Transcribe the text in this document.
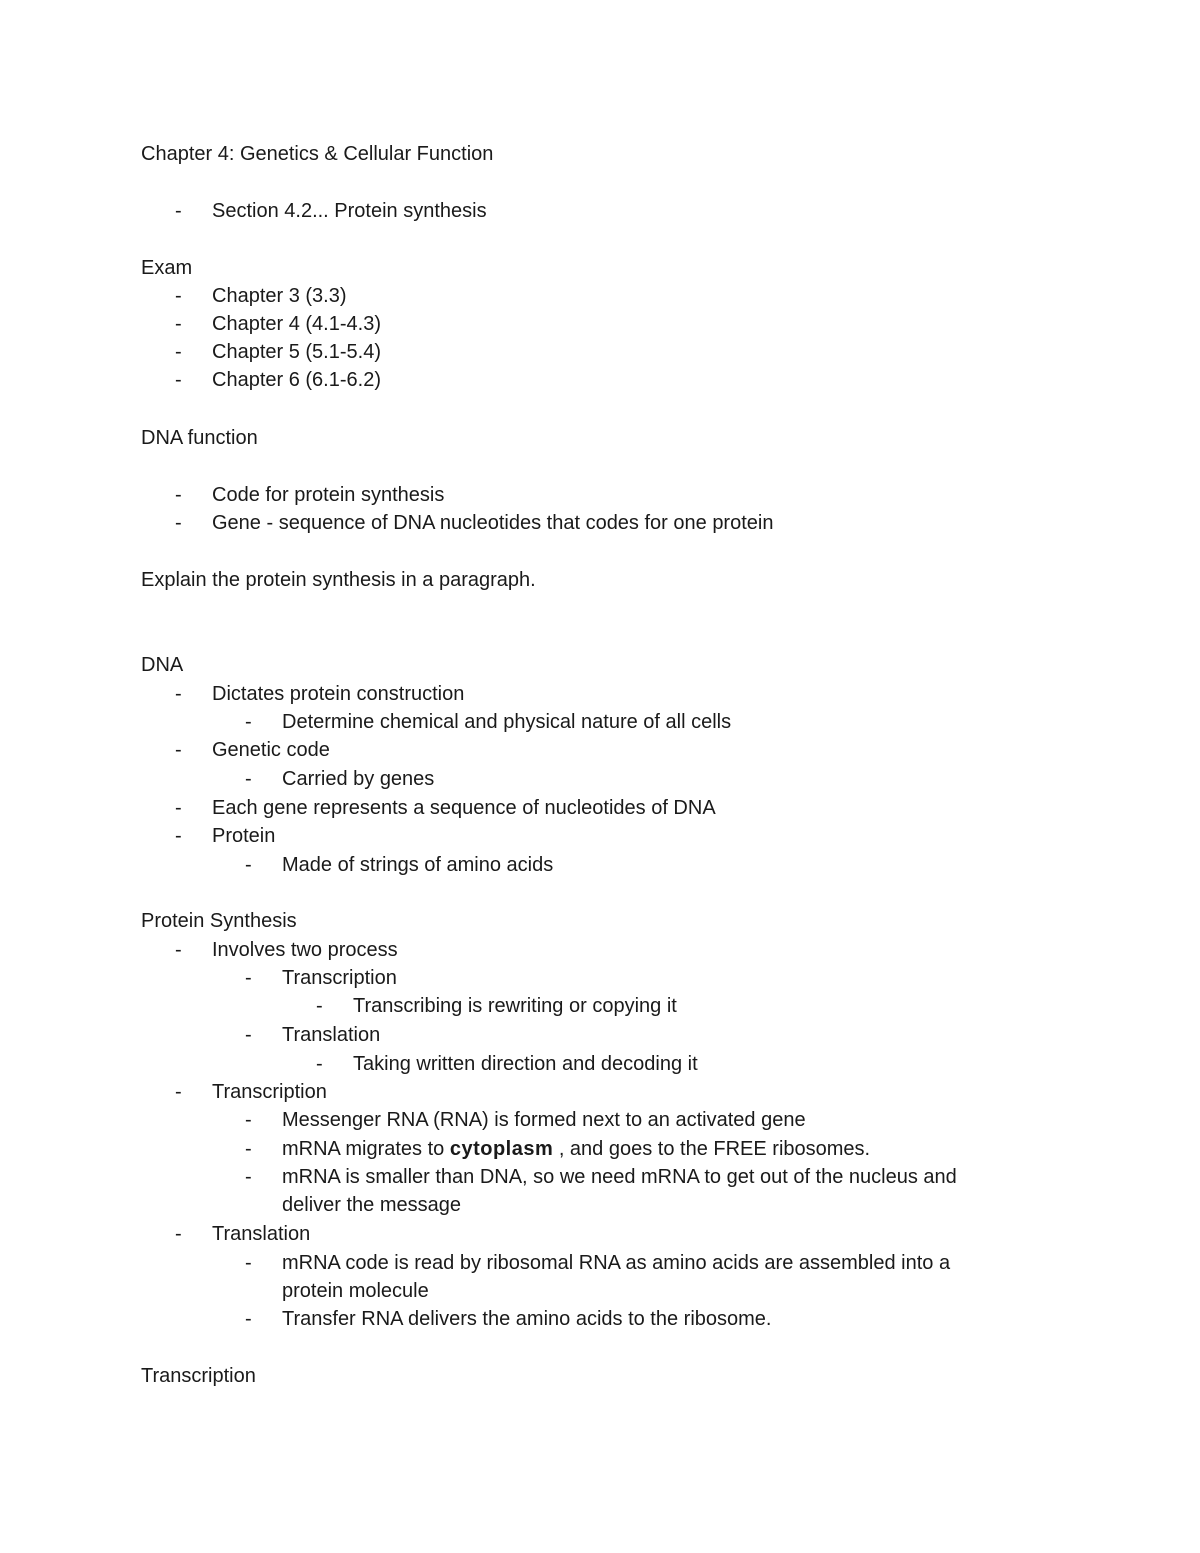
Chapter 4: Genetics & Cellular Function
- Section 4.2... Protein synthesis
Exam
- Chapter 3 (3.3)
- Chapter 4 (4.1-4.3)
- Chapter 5 (5.1-5.4)
- Chapter 6 (6.1-6.2)
DNA function
- Code for protein synthesis
- Gene - sequence of DNA nucleotides that codes for one protein
Explain the protein synthesis in a paragraph.
DNA
- Dictates protein construction
- Determine chemical and physical nature of all cells
- Genetic code
- Carried by genes
- Each gene represents a sequence of nucleotides of DNA
- Protein
- Made of strings of amino acids
Protein Synthesis
- Involves two process
- Transcription
- Transcribing is rewriting or copying it
- Translation
- Taking written direction and decoding it
- Transcription
- Messenger RNA (RNA) is formed next to an activated gene
- mRNA migrates to cytoplasm , and goes to the FREE ribosomes.
- mRNA is smaller than DNA, so we need mRNA to get out of the nucleus and
deliver the message
- Translation
- mRNA code is read by ribosomal RNA as amino acids are assembled into a
protein molecule
- Transfer RNA delivers the amino acids to the ribosome.
Transcription
